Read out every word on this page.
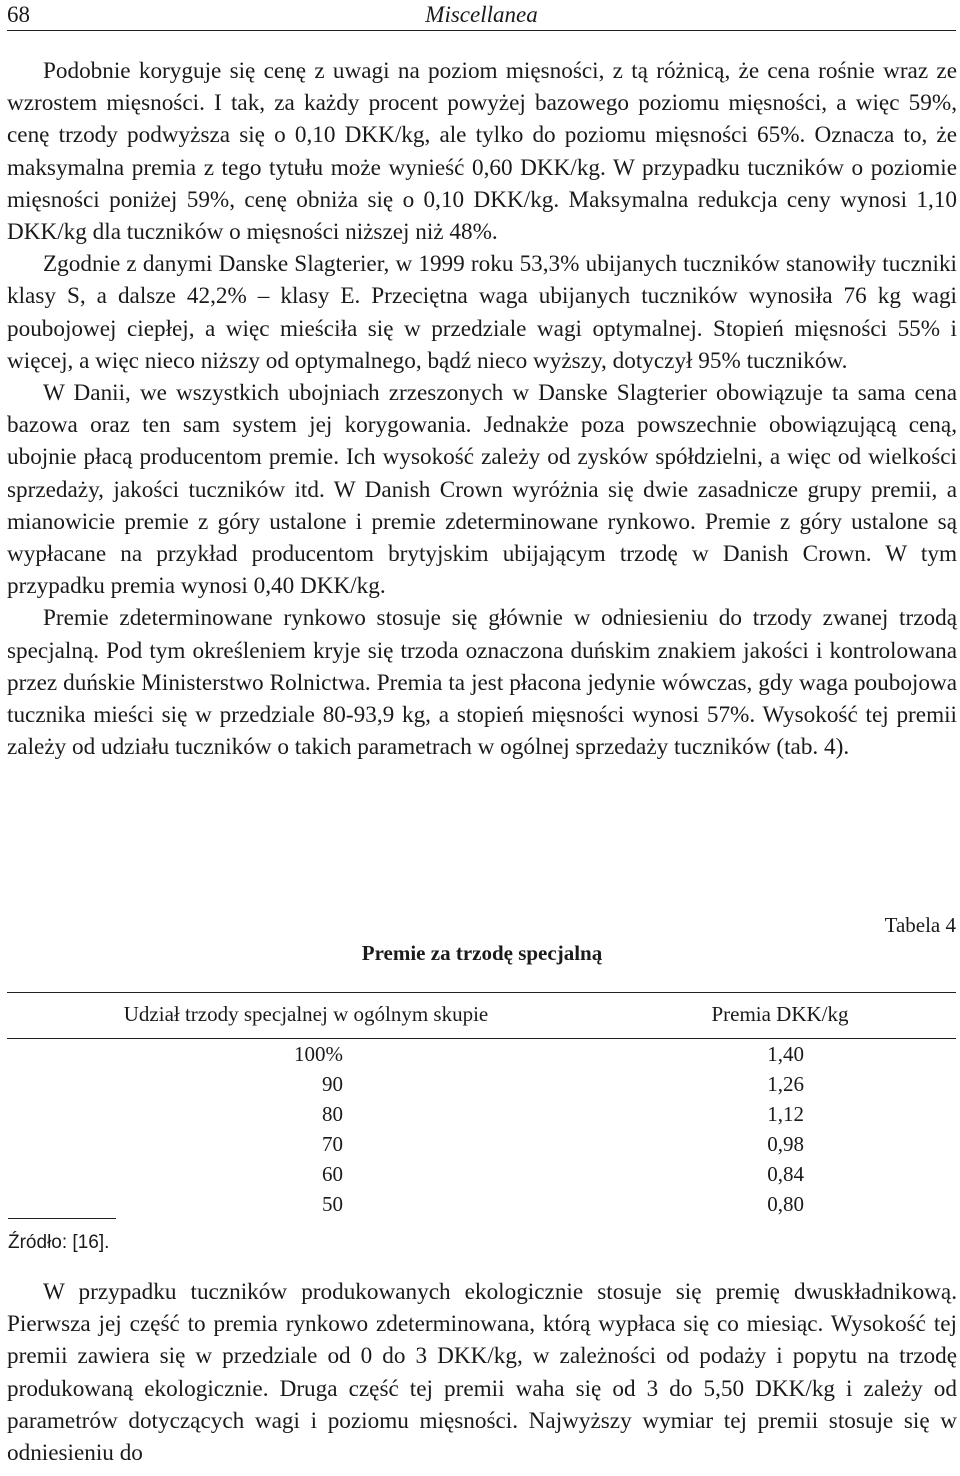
68	Miscellanea

Podobnie koryguje się cenę z uwagi na poziom mięsności, z tą różnicą, że cena rośnie wraz ze wzrostem mięsności. I tak, za każdy procent powyżej bazowego poziomu mięsności, a więc 59%, cenę trzody podwyższa się o 0,10 DKK/kg, ale tylko do poziomu mięsności 65%. Oznacza to, że maksymalna premia z tego tytułu może wynieść 0,60 DKK/kg. W przypadku tuczników o poziomie mięsności poniżej 59%, cenę obniża się o 0,10 DKK/kg. Maksymalna redukcja ceny wynosi 1,10 DKK/kg dla tuczników o mięsności niższej niż 48%.

Zgodnie z danymi Danske Slagterier, w 1999 roku 53,3% ubijanych tuczników stanowiły tuczniki klasy S, a dalsze 42,2% – klasy E. Przeciętna waga ubijanych tuczników wynosiła 76 kg wagi poubojowej ciepłej, a więc mieściła się w przedziale wagi optymalnej. Stopień mięsności 55% i więcej, a więc nieco niższy od optymalnego, bądź nieco wyższy, dotyczył 95% tuczników.

W Danii, we wszystkich ubojniach zrzeszonych w Danske Slagterier obowiązuje ta sama cena bazowa oraz ten sam system jej korygowania. Jednakże poza powszechnie obowiązującą ceną, ubojnie płacą producentom premie. Ich wysokość zależy od zysków spółdzielni, a więc od wielkości sprzedaży, jakości tuczników itd. W Danish Crown wyróżnia się dwie zasadnicze grupy premii, a mianowicie premie z góry ustalone i premie zdeterminowane rynkowo. Premie z góry ustalone są wypłacane na przykład producentom brytyjskim ubijającym trzodę w Danish Crown. W tym przypadku premia wynosi 0,40 DKK/kg.

Premie zdeterminowane rynkowo stosuje się głównie w odniesieniu do trzody zwanej trzodą specjalną. Pod tym określeniem kryje się trzoda oznaczona duńskim znakiem jakości i kontrolowana przez duńskie Ministerstwo Rolnictwa. Premia ta jest płacona jedynie wówczas, gdy waga poubojowa tucznika mieści się w przedziale 80-93,9 kg, a stopień mięsności wynosi 57%. Wysokość tej premii zależy od udziału tuczników o takich parametrach w ogólnej sprzedaży tuczników (tab. 4).

Tabela 4
Premie za trzodę specjalną
Udział trzody specjalnej w ogólnym skupie	Premia DKK/kg
100%	1,40
90	1,26
80	1,12
70	0,98
60	0,84
50	0,80
Źródło: [16].

W przypadku tuczników produkowanych ekologicznie stosuje się premię dwuskładnikową. Pierwsza jej część to premia rynkowo zdeterminowana, którą wypłaca się co miesiąc. Wysokość tej premii zawiera się w przedziale od 0 do 3 DKK/kg, w zależności od podaży i popytu na trzodę produkowaną ekologicznie. Druga część tej premii waha się od 3 do 5,50 DKK/kg i zależy od parametrów dotyczących wagi i poziomu mięsności. Najwyższy wymiar tej premii stosuje się w odniesieniu do
